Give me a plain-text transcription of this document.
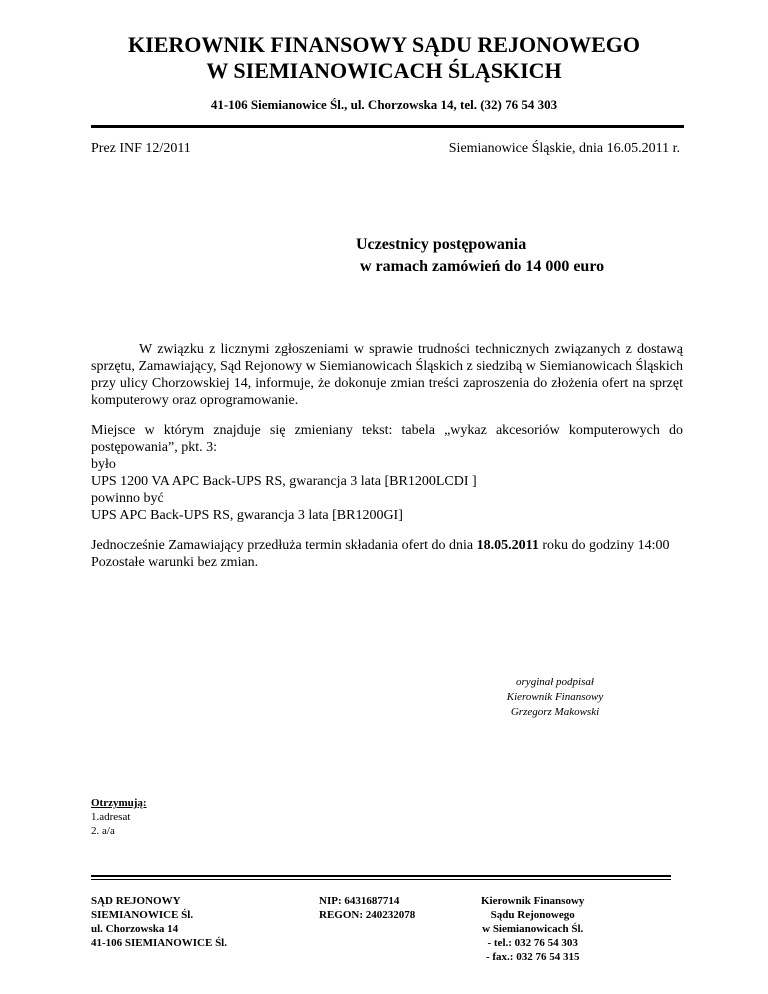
KIEROWNIK FINANSOWY SĄDU REJONOWEGO
W SIEMIANOWICACH ŚLĄSKICH
41-106 Siemianowice Śl., ul. Chorzowska 14, tel. (32) 76 54 303
Prez INF 12/2011	Siemianowice Śląskie, dnia 16.05.2011 r.
Uczestnicy postępowania
w ramach zamówień do 14 000 euro
W związku z licznymi zgłoszeniami w sprawie trudności technicznych związanych z dostawą sprzętu, Zamawiający, Sąd Rejonowy w Siemianowicach Śląskich z siedzibą w Siemianowicach Śląskich przy ulicy Chorzowskiej 14, informuje, że dokonuje zmian treści zaproszenia do złożenia ofert na sprzęt komputerowy oraz oprogramowanie.
Miejsce w którym znajduje się zmieniany tekst: tabela „wykaz akcesoriów komputerowych do postępowania”, pkt. 3:
było
UPS 1200 VA APC Back-UPS RS, gwarancja 3 lata [BR1200LCDI ]
powinno być
UPS APC Back-UPS RS, gwarancja 3 lata [BR1200GI]
Jednocześnie Zamawiający przedłuża termin składania ofert do dnia 18.05.2011 roku do godziny 14:00
Pozostałe warunki bez zmian.
oryginał podpisał
Kierownik Finansowy
Grzegorz Makowski
Otrzymują:
1.adresat
2. a/a
SĄD REJONOWY
SIEMIANOWICE Śl.
ul. Chorzowska 14
41-106 SIEMIANOWICE Śl.
NIP: 6431687714
REGON: 240232078
Kierownik Finansowy
Sądu Rejonowego
w Siemianowicach Śl.
- tel.: 032 76 54 303
- fax.: 032 76 54 315
